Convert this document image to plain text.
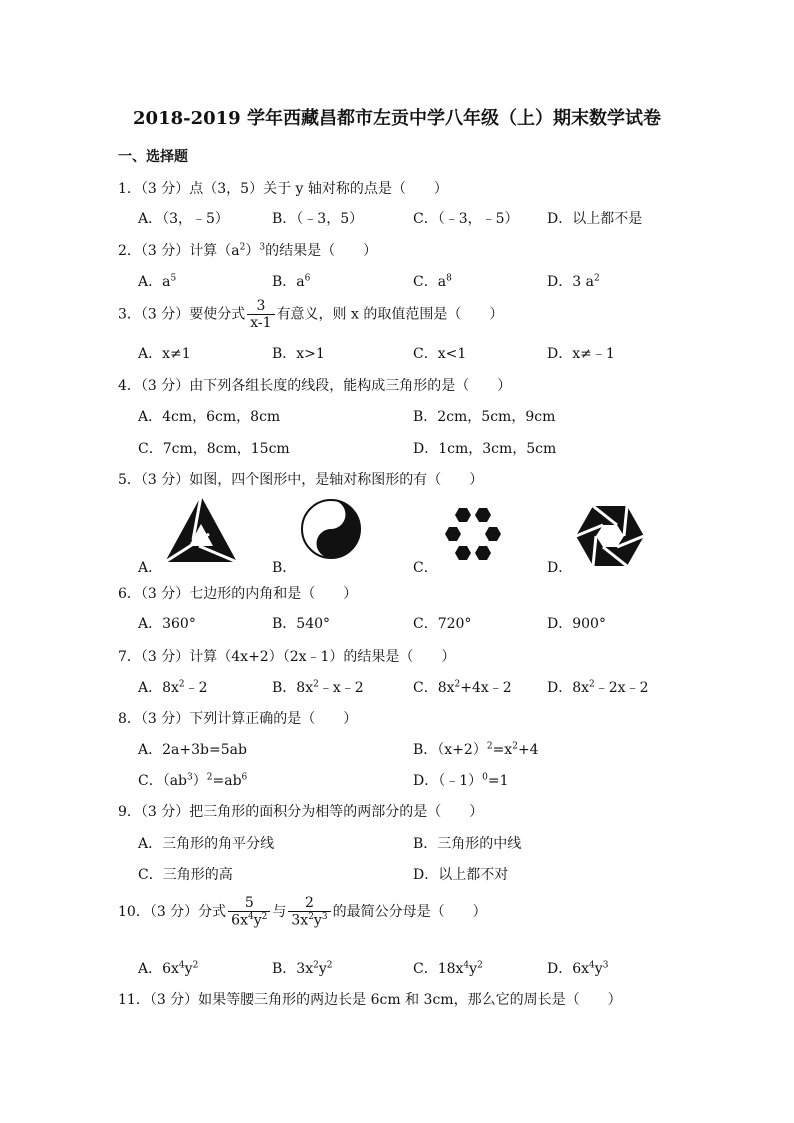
2018-2019 学年西藏昌都市左贡中学八年级（上）期末数学试卷
一、选择题
1．（3 分）点（3，5）关于 y 轴对称的点是（　　）
A．（3，﹣5）	B．（﹣3，5）	C．（﹣3，﹣5） D．以上都不是
2．（3 分）计算$(a^2)^3$的结果是（　　）
A．$a^5$	B．$a^6$	C．$a^8$	D．3 $a^2$
3．（3 分）要使分式 $\frac{3}{x-1}$ 有意义，则 x 的取值范围是（　　）
A．x≠1	B．x>1	C．x<1	D．x≠﹣1
4．（3 分）由下列各组长度的线段，能构成三角形的是（　　）
A．4cm，6cm，8cm	B．2cm，5cm，9cm
C．7cm，8cm，15cm	D．1cm，3cm，5cm
5．（3 分）如图，四个图形中，是轴对称图形的有（　　）
A．	B．	C．	D．
6．（3 分）七边形的内角和是（　　）
A．360°	B．540°	C．720°	D．900°
7．（3 分）计算（4x+2）（2x﹣1）的结果是（　　）
A．$8x^2﹣2$	B．$8x^2﹣x﹣2$	C．$8x^2+4x﹣2$	D．$8x^2﹣2x﹣2$
8．（3 分）下列计算正确的是（　　）
A．2a+3b=5ab	B．$(x+2)^2=x^2+4$
C．$(ab^3)^2=ab^6$	D．（﹣1）$^0$=1
9．（3 分）把三角形的面积分为相等的两部分的是（　　）
A．三角形的角平分线	B．三角形的中线
C．三角形的高	D．以上都不对
10．（3 分）分式 $\frac{5}{6x^4y^2}$ 与 $\frac{2}{3x^2y^3}$ 的最简公分母是（　　）
A．$6x^4y^2$	B．$3x^2y^2$	C．$18x^4y^2$	D．$6x^4y^3$
11．（3 分）如果等腰三角形的两边长是 6cm 和 3cm，那么它的周长是（　　）
